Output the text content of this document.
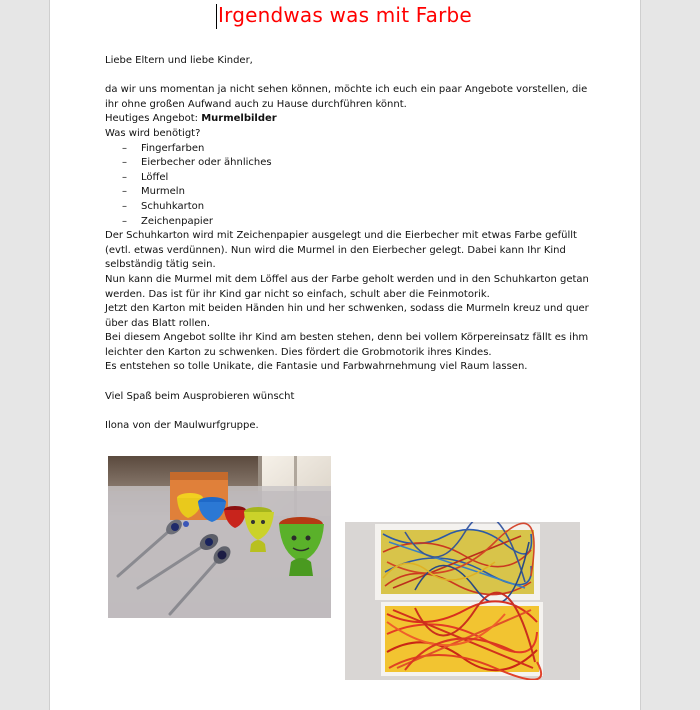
Irgendwas was mit Farbe

Liebe Eltern und liebe Kinder,

da wir uns momentan ja nicht sehen können, möchte ich euch ein paar Angebote vorstellen, die ihr ohne großen Aufwand auch zu Hause durchführen könnt.

Heutiges Angebot: Murmelbilder

Was wird benötigt?

– Fingerfarben
– Eierbecher oder ähnliches
– Löffel
– Murmeln
– Schuhkarton
– Zeichenpapier

Der Schuhkarton wird mit Zeichenpapier ausgelegt und die Eierbecher mit etwas Farbe gefüllt (evtl. etwas verdünnen). Nun wird die Murmel in den Eierbecher gelegt. Dabei kann Ihr Kind selbständig tätig sein.

Nun kann die Murmel mit dem Löffel aus der Farbe geholt werden und in den Schuhkarton getan werden. Das ist für ihr Kind gar nicht so einfach, schult aber die Feinmotorik.

Jetzt den Karton mit beiden Händen hin und her schwenken, sodass die Murmeln kreuz und quer über das Blatt rollen.

Bei diesem Angebot sollte ihr Kind am besten stehen, denn bei vollem Körpereinsatz fällt es ihm leichter den Karton zu schwenken. Dies fördert die Grobmotorik ihres Kindes.

Es entstehen so tolle Unikate, die Fantasie und Farbwahrnehmung viel Raum lassen.

Viel Spaß beim Ausprobieren wünscht

Ilona von der Maulwurfgruppe.
